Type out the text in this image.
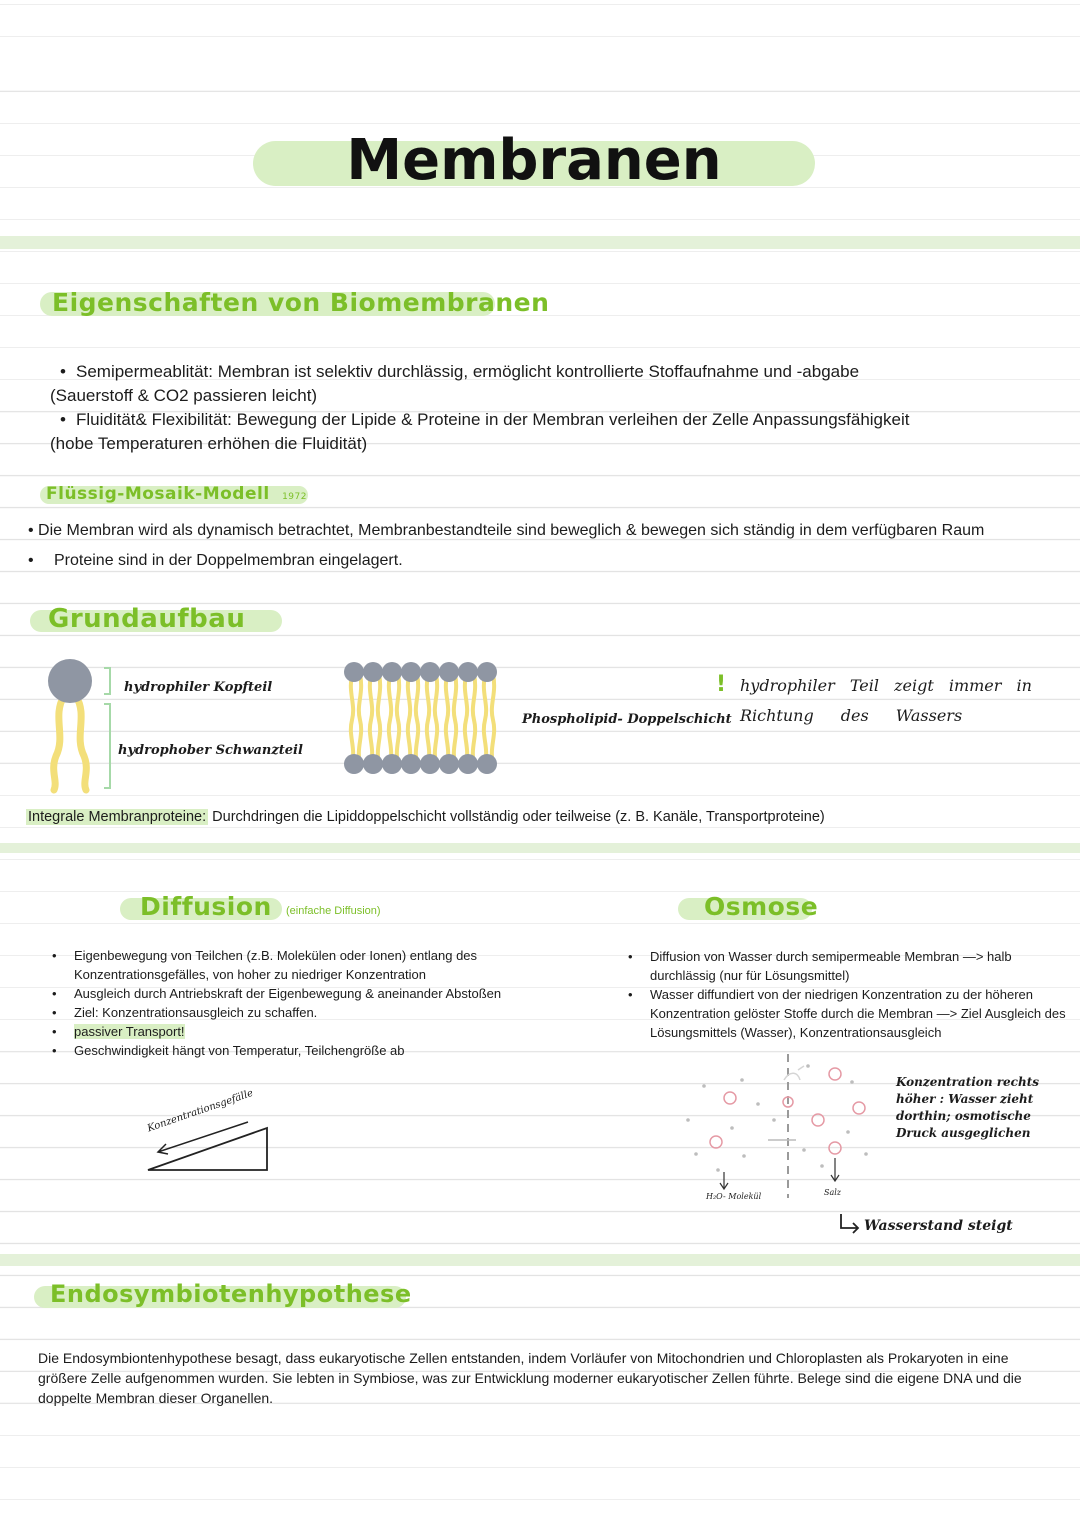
Membranen
Eigenschaften von Biomembranen
• Semipermeablität: Membran ist selektiv durchlässig, ermöglicht kontrollierte Stoffaufnahme und -abgabe
(Sauerstoff & CO2 passieren leicht)
• Fluidität& Flexibilität: Bewegung der Lipide & Proteine in der Membran verleihen der Zelle Anpassungsfähigkeit
(hobe Temperaturen erhöhen die Fluidität)
Flüssig-Mosaik-Modell 1972
• Die Membran wird als dynamisch betrachtet, Membranbestandteile sind beweglich & bewegen sich ständig in dem verfügbaren Raum
• Proteine sind in der Doppelmembran eingelagert.
Grundaufbau
hydrophiler Kopfteil
hydrophober Schwanzteil
Phospholipid- Doppelschicht
! hydrophiler Teil zeigt immer in
Richtung des Wassers
Integrale Membranproteine: Durchdringen die Lipiddoppelschicht vollständig oder teilweise (z. B. Kanäle, Transportproteine)
Diffusion (einfache Diffusion)
• Eigenbewegung von Teilchen (z.B. Molekülen oder Ionen) entlang des Konzentrationsgefälles, von hoher zu niedriger Konzentration
• Ausgleich durch Antriebskraft der Eigenbewegung & aneinander Abstoßen
• Ziel: Konzentrationsausgleich zu schaffen.
• passiver Transport!
• Geschwindigkeit hängt von Temperatur, Teilchengröße ab
Konzentrationsgefälle
Osmose
• Diffusion von Wasser durch semipermeable Membran —> halb durchlässig (nur für Lösungsmittel)
• Wasser diffundiert von der niedrigen Konzentration zu der höheren Konzentration gelöster Stoffe durch die Membran —> Ziel Ausgleich des Lösungsmittels (Wasser), Konzentrationsausgleich
H₂O- Molekül	Salz
Konzentration rechts
höher : Wasser zieht
dorthin; osmotische
Druck ausgeglichen
Wasserstand steigt
Endosymbiotenhypothese
Die Endosymbiontenhypothese besagt, dass eukaryotische Zellen entstanden, indem Vorläufer von Mitochondrien und Chloroplasten als Prokaryoten in eine größere Zelle aufgenommen wurden. Sie lebten in Symbiose, was zur Entwicklung moderner eukaryotischer Zellen führte. Belege sind die eigene DNA und die doppelte Membran dieser Organellen.
